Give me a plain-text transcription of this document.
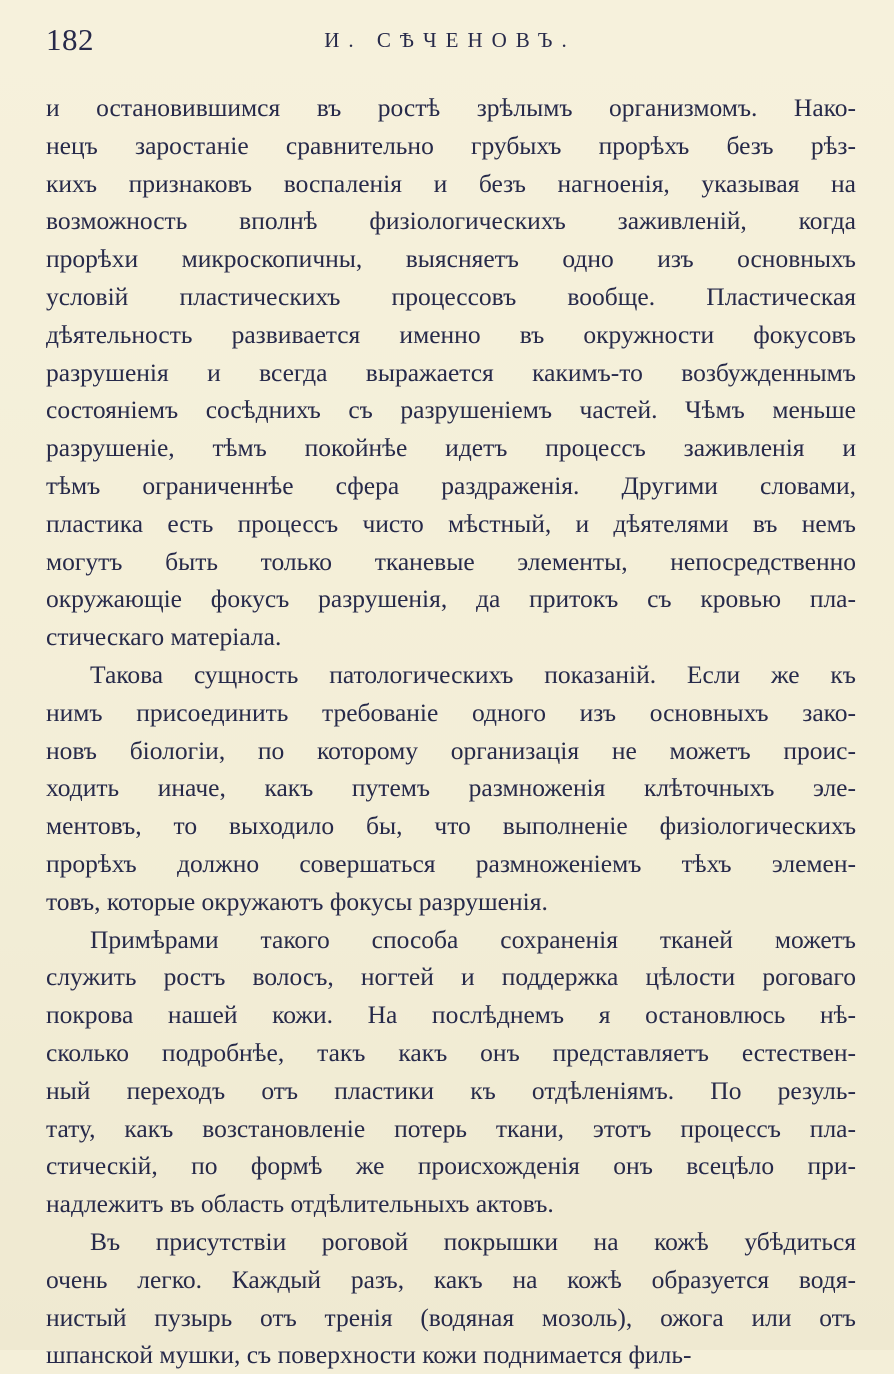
182	И. СѢЧЕНОВЪ.
и остановившимся въ ростѣ зрѣлымъ организмомъ. Нако-
нецъ заростанiе сравнительно грубыхъ прорѣхъ безъ рѣз-
кихъ признаковъ воспаленiя и безъ нагноенiя, указывая на
возможность вполнѣ физiологическихъ заживленiй, когда
прорѣхи микроскопичны, выясняетъ одно изъ основныхъ
условiй пластическихъ процессовъ вообще. Пластическая
дѣятельность развивается именно въ окружности фокусовъ
разрушенiя и всегда выражается какимъ-то возбужденнымъ
состоянiемъ сосѣднихъ съ разрушенiемъ частей. Чѣмъ меньше
разрушенiе, тѣмъ покойнѣе идетъ процессъ заживленiя и
тѣмъ ограниченнѣе сфера раздраженiя. Другими словами,
пластика есть процессъ чисто мѣстный, и дѣятелями въ немъ
могутъ быть только тканевые элементы, непосредственно
окружающiе фокусъ разрушенiя, да притокъ съ кровью пла-
стическаго матерiала.
Такова сущность патологическихъ показанiй. Если же къ
нимъ присоединить требованiе одного изъ основныхъ зако-
новъ бiологiи, по которому организацiя не можетъ проис-
ходить иначе, какъ путемъ размноженiя клѣточныхъ эле-
ментовъ, то выходило бы, что выполненiе физiологическихъ
прорѣхъ должно совершаться размноженiемъ тѣхъ элемен-
товъ, которые окружаютъ фокусы разрушенiя.
Примѣрами такого способа сохраненiя тканей можетъ
служить ростъ волосъ, ногтей и поддержка цѣлости роговаго
покрова нашей кожи. На послѣднемъ я остановлюсь нѣ-
сколько подробнѣе, такъ какъ онъ представляетъ естествен-
ный переходъ отъ пластики къ отдѣленiямъ. По резуль-
тату, какъ возстановленiе потерь ткани, этотъ процессъ пла-
стическiй, по формѣ же происхожденiя онъ всецѣло при-
надлежитъ въ область отдѣлительныхъ актовъ.
Въ присутствiи роговой покрышки на кожѣ убѣдиться
очень легко. Каждый разъ, какъ на кожѣ образуется водя-
нистый пузырь отъ тренiя (водяная мозоль), ожога или отъ
шпанской мушки, съ поверхности кожи поднимается филь-
